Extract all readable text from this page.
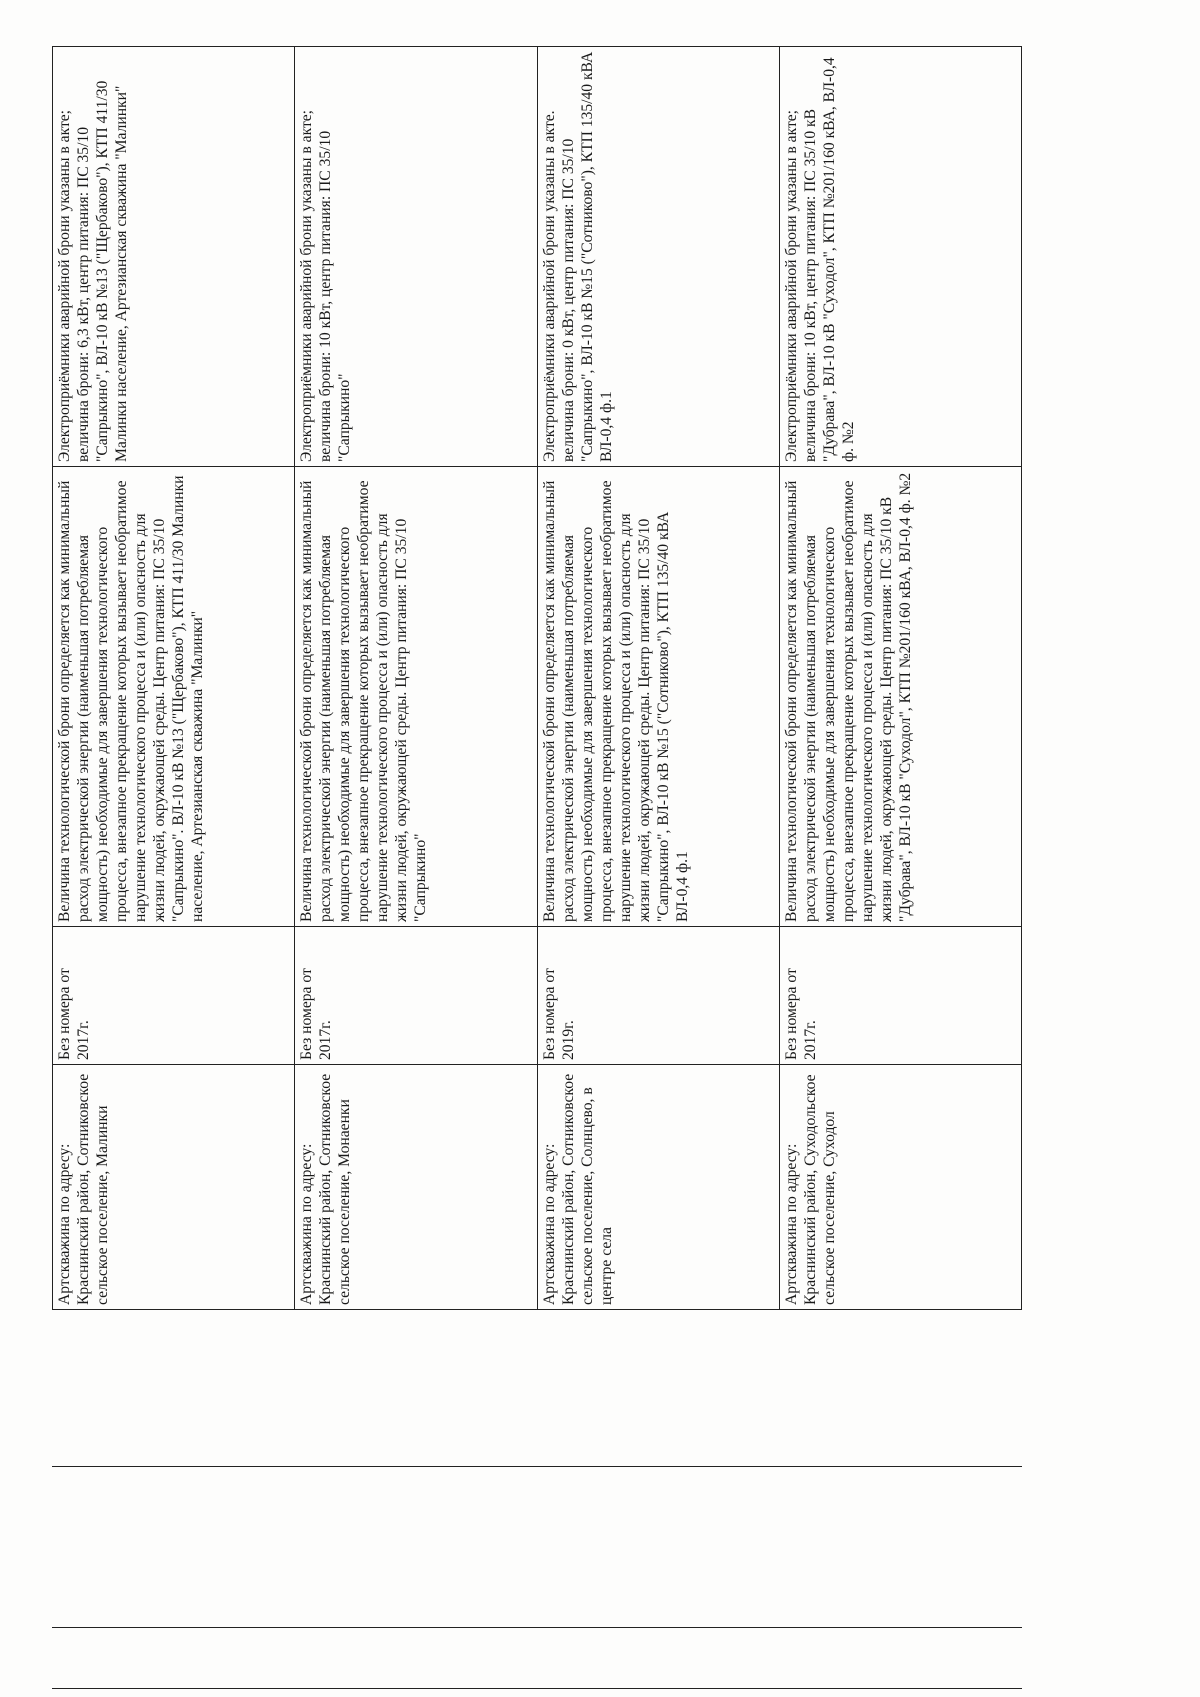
Артскважина по адресу: Краснинский район, Сотниковское сельское поселение, Малинки	Без номера от 2017г.	Величина технологической брони определяется как минимальный расход электрической энергии (наименьшая потребляемая мощность) необходимые для завершения технологического процесса, внезапное прекращение которых вызывает необратимое нарушение технологического процесса и (или) опасность для жизни людей, окружающей среды. Центр питания: ПС 35/10 "Сапрыкино". ВЛ-10 кВ №13 ("Щербаково"), КТП 411/30 Малинки население, Артезианская скважина "Малинки"	Электроприёмники аварийной брони указаны в акте; величина брони: 6,3 кВт, центр питания: ПС 35/10 "Сапрыкино", ВЛ-10 кВ №13 ("Щербаково"), КТП 411/30 Малинки население, Артезианская скважина "Малинки"
Артскважина по адресу: Краснинский район, Сотниковское сельское поселение, Монаенки	Без номера от 2017г.	Величина технологической брони определяется как минимальный расход электрической энергии (наименьшая потребляемая мощность) необходимые для завершения технологического процесса, внезапное прекращение которых вызывает необратимое нарушение технологического процесса и (или) опасность для жизни людей, окружающей среды. Центр питания: ПС 35/10 "Сапрыкино"	Электроприёмники аварийной брони указаны в акте; величина брони: 10 кВт, центр питания: ПС 35/10 "Сапрыкино"
Артскважина по адресу: Краснинский район, Сотниковское сельское поселение, Солнцево, в центре села	Без номера от 2019г.	Величина технологической брони определяется как минимальный расход электрической энергии (наименьшая потребляемая мощность) необходимые для завершения технологического процесса, внезапное прекращение которых вызывает необратимое нарушение технологического процесса и (или) опасность для жизни людей, окружающей среды. Центр питания: ПС 35/10 "Сапрыкино", ВЛ-10 кВ №15 ("Сотниково"), КТП 135/40 кВА ВЛ-0,4 ф.1	Электроприёмники аварийной брони указаны в акте. величина брони: 0 кВт, центр питания: ПС 35/10 "Сапрыкино", ВЛ-10 кВ №15 ("Сотниково"), КТП 135/40 кВА ВЛ-0,4 ф.1
Артскважина по адресу: Краснинский район, Суходольское сельское поселение, Суходол	Без номера от 2017г.	Величина технологической брони определяется как минимальный расход электрической энергии (наименьшая потребляемая мощность) необходимые для завершения технологического процесса, внезапное прекращение которых вызывает необратимое нарушение технологического процесса и (или) опасность для жизни людей, окружающей среды. Центр питания: ПС 35/10 кВ "Дубрава", ВЛ-10 кВ "Суходол", КТП №201/160 кВА, ВЛ-0,4 ф. №2	Электроприёмники аварийной брони указаны в акте; величина брони: 10 кВт, центр питания: ПС 35/10 кВ "Дубрава", ВЛ-10 кВ "Суходол", КТП №201/160 кВА, ВЛ-0,4 ф. №2
